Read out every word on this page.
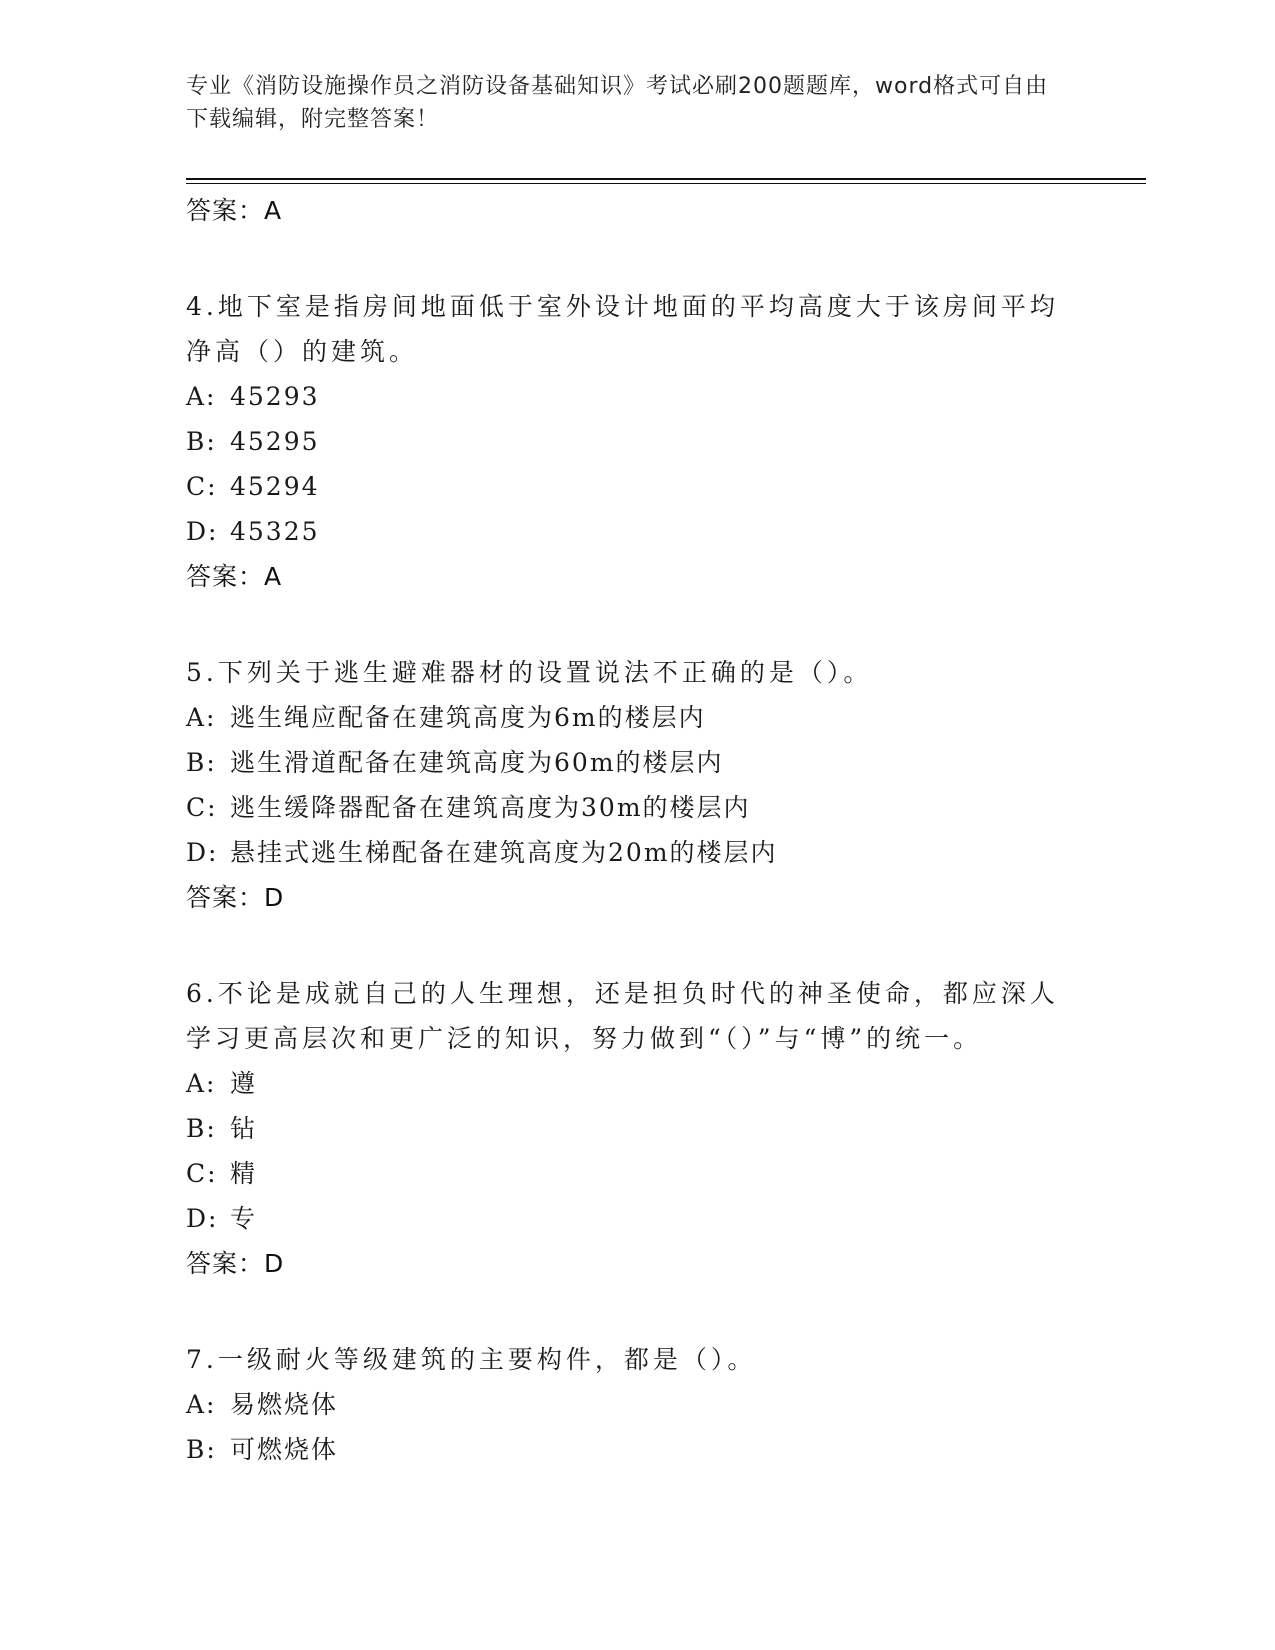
专业《消防设施操作员之消防设备基础知识》考试必刷200题题库，word格式可自由下载编辑，附完整答案！
答案：A
4.地下室是指房间地面低于室外设计地面的平均高度大于该房间平均净高（）的建筑。
A: 45293
B: 45295
C: 45294
D: 45325
答案：A
5.下列关于逃生避难器材的设置说法不正确的是（）。
A: 逃生绳应配备在建筑高度为6m的楼层内
B: 逃生滑道配备在建筑高度为60m的楼层内
C: 逃生缓降器配备在建筑高度为30m的楼层内
D: 悬挂式逃生梯配备在建筑高度为20m的楼层内
答案：D
6.不论是成就自己的人生理想，还是担负时代的神圣使命，都应深人学习更高层次和更广泛的知识，努力做到“（）”与“博”的统一。
A: 遵
B: 钻
C: 精
D: 专
答案：D
7.一级耐火等级建筑的主要构件，都是（）。
A: 易燃烧体
B: 可燃烧体
